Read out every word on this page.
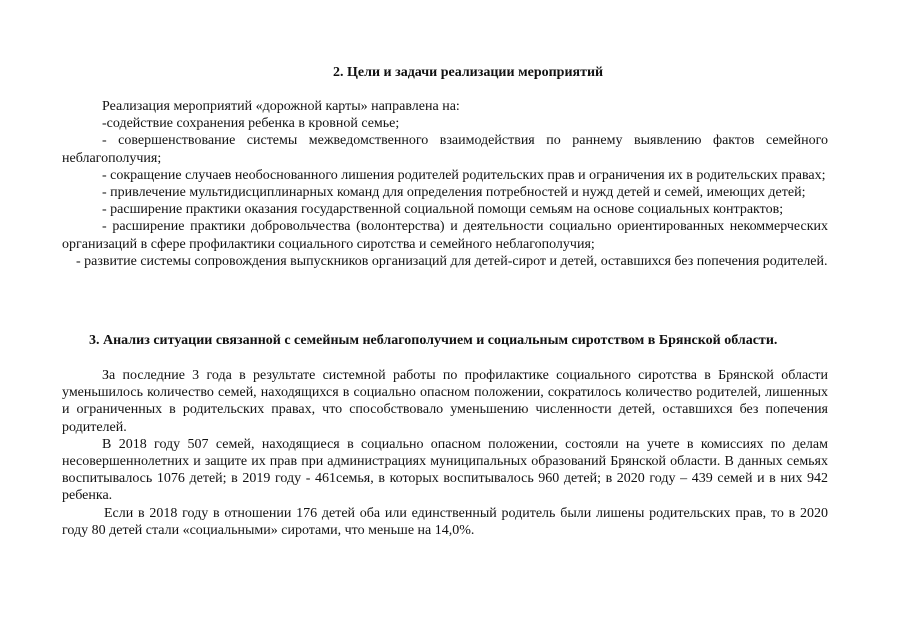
2. Цели и задачи реализации мероприятий

Реализация мероприятий «дорожной карты» направлена на:

-содействие сохранения ребенка в кровной семье;

- совершенствование системы межведомственного взаимодействия по раннему выявлению фактов семейного неблагополучия;

- сокращение случаев необоснованного лишения родителей родительских прав и ограничения их в родительских правах;

- привлечение мультидисциплинарных команд для определения потребностей и нужд детей и семей, имеющих детей;

- расширение практики оказания государственной социальной помощи семьям на основе социальных контрактов;

- расширение практики добровольчества (волонтерства) и деятельности социально ориентированных некоммерческих организаций в сфере профилактики социального сиротства и семейного неблагополучия;

- развитие системы сопровождения выпускников организаций для детей-сирот и детей, оставшихся без попечения родителей.

3. Анализ ситуации связанной с семейным неблагополучием и социальным сиротством в Брянской области.

За последние 3 года в результате системной работы по профилактике социального сиротства в Брянской области уменьшилось количество семей, находящихся в социально опасном положении, сократилось количество родителей, лишенных и ограниченных в родительских правах, что способствовало уменьшению численности детей, оставшихся без попечения родителей.

В 2018 году 507 семей, находящиеся в социально опасном положении, состояли на учете в комиссиях по делам несовершеннолетних и защите их прав при администрациях муниципальных образований Брянской области. В данных семьях воспитывалось 1076 детей; в 2019 году - 461семья, в которых воспитывалось 960 детей; в 2020 году – 439 семей и в них 942 ребенка.

Если в 2018 году в отношении 176 детей оба или единственный родитель были лишены родительских прав, то в 2020 году 80 детей стали «социальными» сиротами, что меньше на 14,0%.
